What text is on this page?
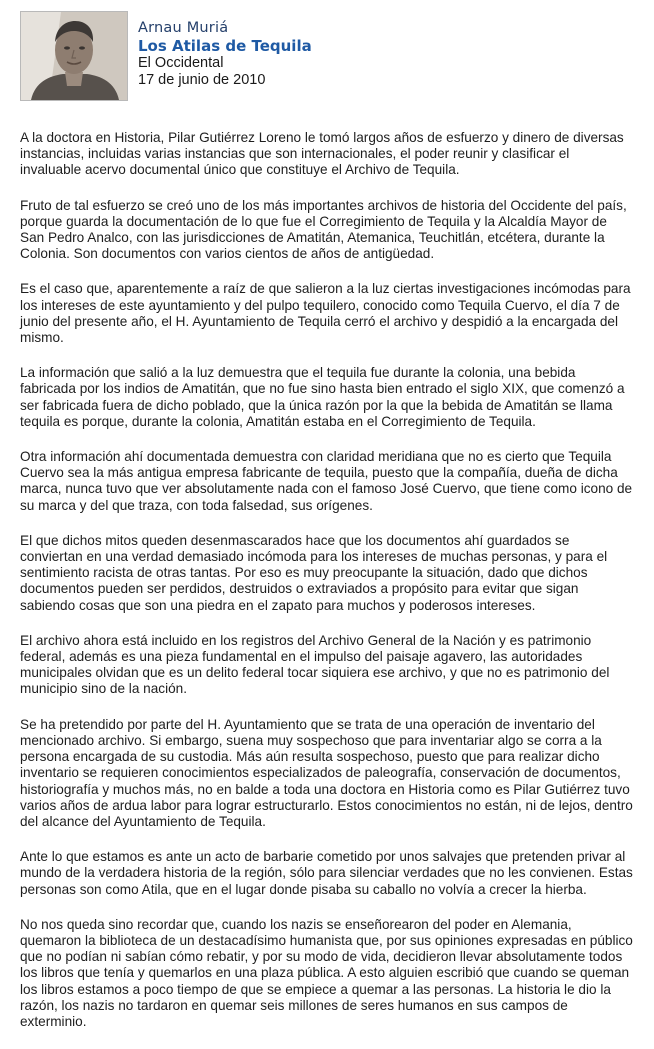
Arnau Muriá
Los Atilas de Tequila
El Occidental
17 de junio de 2010

A la doctora en Historia, Pilar Gutiérrez Loreno le tomó largos años de esfuerzo y dinero de diversas instancias, incluidas varias instancias que son internacionales, el poder reunir y clasificar el invaluable acervo documental único que constituye el Archivo de Tequila.

Fruto de tal esfuerzo se creó uno de los más importantes archivos de historia del Occidente del país, porque guarda la documentación de lo que fue el Corregimiento de Tequila y la Alcaldía Mayor de San Pedro Analco, con las jurisdicciones de Amatitán, Atemanica, Teuchitlán, etcétera, durante la Colonia. Son documentos con varios cientos de años de antigüedad.

Es el caso que, aparentemente a raíz de que salieron a la luz ciertas investigaciones incómodas para los intereses de este ayuntamiento y del pulpo tequilero, conocido como Tequila Cuervo, el día 7 de junio del presente año, el H. Ayuntamiento de Tequila cerró el archivo y despidió a la encargada del mismo.

La información que salió a la luz demuestra que el tequila fue durante la colonia, una bebida fabricada por los indios de Amatitán, que no fue sino hasta bien entrado el siglo XIX, que comenzó a ser fabricada fuera de dicho poblado, que la única razón por la que la bebida de Amatitán se llama tequila es porque, durante la colonia, Amatitán estaba en el Corregimiento de Tequila.

Otra información ahí documentada demuestra con claridad meridiana que no es cierto que Tequila Cuervo sea la más antigua empresa fabricante de tequila, puesto que la compañía, dueña de dicha marca, nunca tuvo que ver absolutamente nada con el famoso José Cuervo, que tiene como icono de su marca y del que traza, con toda falsedad, sus orígenes.

El que dichos mitos queden desenmascarados hace que los documentos ahí guardados se conviertan en una verdad demasiado incómoda para los intereses de muchas personas, y para el sentimiento racista de otras tantas. Por eso es muy preocupante la situación, dado que dichos documentos pueden ser perdidos, destruidos o extraviados a propósito para evitar que sigan sabiendo cosas que son una piedra en el zapato para muchos y poderosos intereses.

El archivo ahora está incluido en los registros del Archivo General de la Nación y es patrimonio federal, además es una pieza fundamental en el impulso del paisaje agavero, las autoridades municipales olvidan que es un delito federal tocar siquiera ese archivo, y que no es patrimonio del municipio sino de la nación.

Se ha pretendido por parte del H. Ayuntamiento que se trata de una operación de inventario del mencionado archivo. Si embargo, suena muy sospechoso que para inventariar algo se corra a la persona encargada de su custodia. Más aún resulta sospechoso, puesto que para realizar dicho inventario se requieren conocimientos especializados de paleografía, conservación de documentos, historiografía y muchos más, no en balde a toda una doctora en Historia como es Pilar Gutiérrez tuvo varios años de ardua labor para lograr estructurarlo. Estos conocimientos no están, ni de lejos, dentro del alcance del Ayuntamiento de Tequila.

Ante lo que estamos es ante un acto de barbarie cometido por unos salvajes que pretenden privar al mundo de la verdadera historia de la región, sólo para silenciar verdades que no les convienen. Estas personas son como Atila, que en el lugar donde pisaba su caballo no volvía a crecer la hierba.

No nos queda sino recordar que, cuando los nazis se enseñorearon del poder en Alemania, quemaron la biblioteca de un destacadísimo humanista que, por sus opiniones expresadas en público que no podían ni sabían cómo rebatir, y por su modo de vida, decidieron llevar absolutamente todos los libros que tenía y quemarlos en una plaza pública. A esto alguien escribió que cuando se queman los libros estamos a poco tiempo de que se empiece a quemar a las personas. La historia le dio la razón, los nazis no tardaron en quemar seis millones de seres humanos en sus campos de exterminio.
